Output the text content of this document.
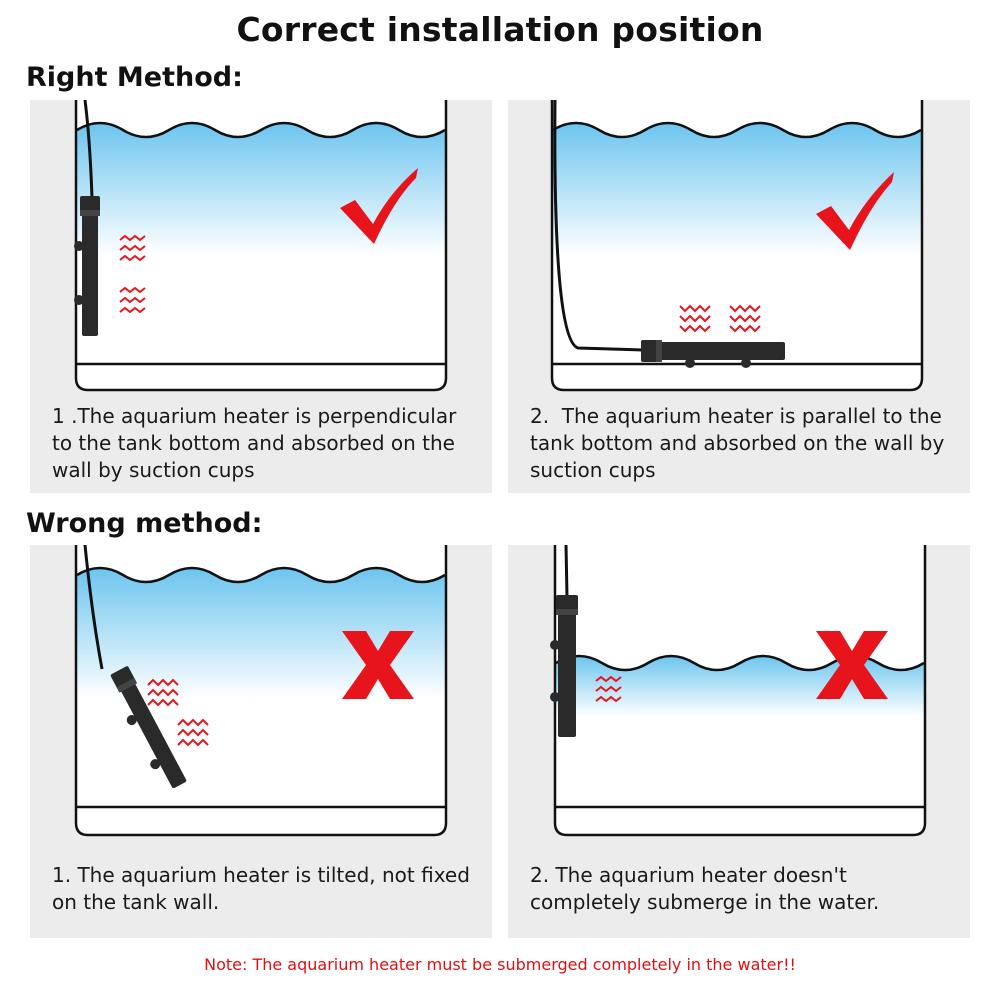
Correct installation position
Right Method:
Wrong method:
1 .The aquarium heater is perpendicular to the tank bottom and absorbed on the wall by suction cups
2.  The aquarium heater is parallel to the tank bottom and absorbed on the wall by suction cups
1. The aquarium heater is tilted, not fixed on the tank wall.
2. The aquarium heater doesn't completely submerge in the water.
Note: The aquarium heater must be submerged completely in the water!!
